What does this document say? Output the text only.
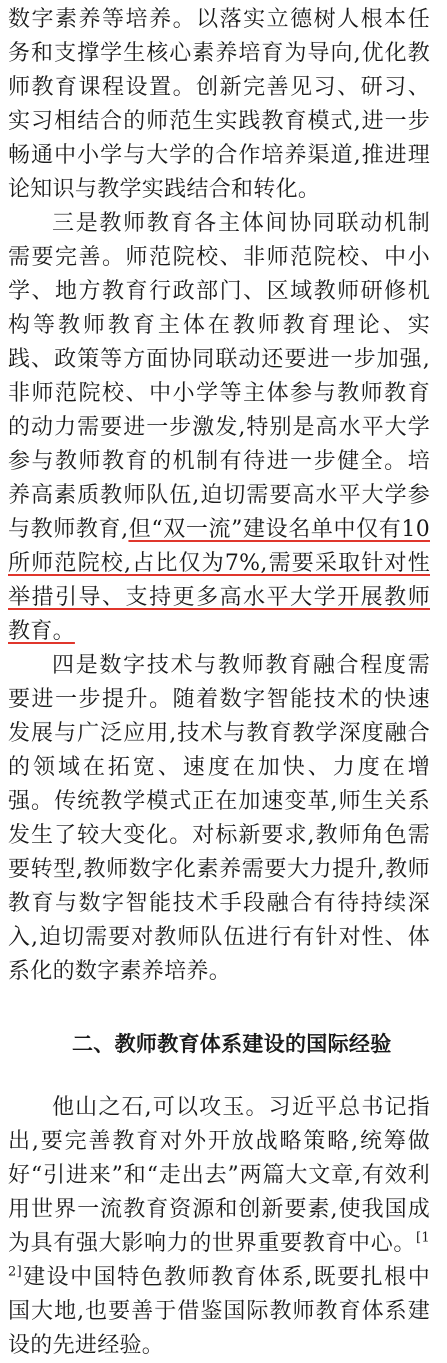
数字素养等培养。以落实立德树人根本任务和支撑学生核心素养培育为导向,优化教师教育课程设置。创新完善见习、研习、实习相结合的师范生实践教育模式,进一步畅通中小学与大学的合作培养渠道,推进理论知识与教学实践结合和转化。

三是教师教育各主体间协同联动机制需要完善。师范院校、非师范院校、中小学、地方教育行政部门、区域教师研修机构等教师教育主体在教师教育理论、实践、政策等方面协同联动还要进一步加强,非师范院校、中小学等主体参与教师教育的动力需要进一步激发,特别是高水平大学参与教师教育的机制有待进一步健全。培养高素质教师队伍,迫切需要高水平大学参与教师教育,但“双一流”建设名单中仅有10所师范院校,占比仅为7%,需要采取针对性举措引导、支持更多高水平大学开展教师教育。

四是数字技术与教师教育融合程度需要进一步提升。随着数字智能技术的快速发展与广泛应用,技术与教育教学深度融合的领域在拓宽、速度在加快、力度在增强。传统教学模式正在加速变革,师生关系发生了较大变化。对标新要求,教师角色需要转型,教师数字化素养需要大力提升,教师教育与数字智能技术手段融合有待持续深入,迫切需要对教师队伍进行有针对性、体系化的数字素养培养。

二、教师教育体系建设的国际经验

他山之石,可以攻玉。习近平总书记指出,要完善教育对外开放战略策略,统筹做好“引进来”和“走出去”两篇大文章,有效利用世界一流教育资源和创新要素,使我国成为具有强大影响力的世界重要教育中心。[12]建设中国特色教师教育体系,既要扎根中国大地,也要善于借鉴国际教师教育体系建设的先进经验。
